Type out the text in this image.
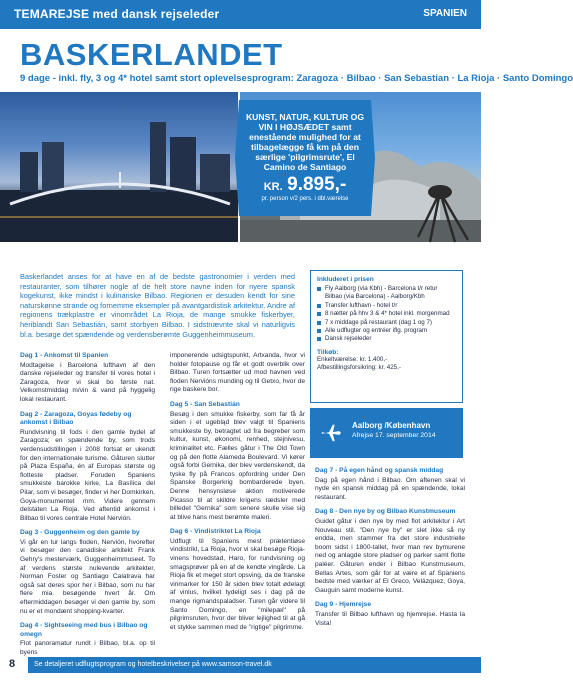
TEMAREJSE med dansk rejseleder	SPANIEN
BASKERLANDET
9 dage - inkl. fly, 3 og 4* hotel samt stort oplevelsesprogram: Zaragoza · Bilbao · San Sebastian · La Rioja · Santo Domingo
KUNST, NATUR, KULTUR OG VIN I HØJSÆDET samt enestående mulighed for at tilbagelægge få km på den særlige 'pilgrimsrute', El Camino de Santiago
KR. 9.895,-
pr. person v/2 pers. i dbl.værelse
Baskerlandet anses for at have en af de bedste gastronomier i verden med restauranter, som tilhører nogle af de helt store navne inden for nyere spansk kogekunst, ikke mindst i kulinariske Bilbao. Regionen er desuden kendt for sine naturskønne strande og fornemme eksempler på avantgardistisk arkitektur. Andre af regionens trækplastre er vinområdet La Rioja, de mange smukke fiskerbyer, heriblandt San Sebastián, samt storbyen Bilbao. I sidstnævnte skal vi naturligvis bl.a. besøge det spændende og verdensberømte Guggenheimmuseum.
Inkluderet i prisen
Fly Aalborg (via Kbh) - Barcelona t/r retur Bilbao (via Barcelona) - Aalborg/Kbh
Transfer lufthavn - hotel t/r
8 nætter på hhv 3 & 4* hotel inkl. morgenmad
7 x middage på restaurant (dag 1 og 7)
Alle udflugter og entréer iflg. program
Dansk rejseleder
Tilkøb:
Enkeltværelse: kr. 1.400,-
Afbestillingsforsikring: kr. 425,-
Aalborg /København
Afrejse 17. september 2014
Dag 1 - Ankomst til Spanien
Modtagelse i Barcelona lufthavn af den danske rejseleder og transfer til vores hotel i Zaragoza, hvor vi skal bo første nat. Velkomstmiddag m/vin & vand på hyggelig lokal restaurant.
Dag 2 - Zaragoza, Goyas fødeby og ankomst i Bilbao
Rundvisning til fods i den gamle bydel af Zaragoza; en spændende by, som trods verdensudstillingen i 2008 fortsat er ukendt for den internationale turisme. Gåturen slutter på Plaza España, én af Europas største og flotteste pladser. Foruden Spaniens smukkeste barokke kirke, La Basílica del Pilar, som vi besøger, finder vi her Domkirken, Goya-monumentet mm. Videre gennem delstaten La Rioja. Ved aftentid ankomst i Bilbao til vores centrale Hotel Nervión.
Dag 3 - Guggenheim og den gamle by
Vi går en tur langs floden, Nervión, hvorefter vi besøger den canadiske arkitekt Frank Gehry's mesterværk, Guggenheimmuseet. To af verdens største nulevende arkitekter, Norman Foster og Santiago Calatrava har også sat deres spor her i Bilbao, som nu har flere mia. besøgende hvert år. Om eftermiddagen besøger vi den gamle by, som nu er et mondænt shopping-kvarter.
Dag 4 - Sightseeing med bus i Bilbao og omegn
Flot panoramatur rundt i Bilbao, bl.a. op til byens
imponerende udsigtspunkt, Artxanda, hvor vi holder fotopause og får et godt overblik over Bilbao. Turen fortsætter ud mod havnen ved floden Nervións munding og til Getxo, hvor de rige baskere bor.
Dag 5 - San Sebastián
Besøg i den smukke fiskerby, som far få år siden i et ugebląd blev valgt til Spaniens smukkeste by, betragtet ud fra begreber som kultur, kunst, økonomi, renhed, stejnivesu, kriminalitet etc. Fælles gåtur i The Old Town og på den flotte Alameda Boulevard. Vi kører også forbi Gernika, der blev verdenskendt, da tyske fly på Francos opfordring under Den Spanske Borgerkrig bombarderede byen. Denne hensynsløse aktion motiverede Picasso til at skildre krigens rædsler med billedet "Gernika" som senere skulle vise sig at blive hans mest berømte maleri.
Dag 6 - Vindistriktet La Rioja
Udflugt til Spaniens mest prætentiøse vindistrikt, La Rioja, hvor vi skal besøge Rioja-vinens hovedstad, Haro, for rundvisning og smagsprøver på en af de kendte vingårde. La Rioja fik et meget stort opsving, da de franske vinmarker for 150 år siden blev totalt ødelagt af vinlus, hvilket tydeligt ses i dag på de mange rigmandspaladser. Turen går videre til Santo Domingo, en "milepæl" på pilgrimsruten, hvor der bliver lejlighed til at gå et stykke sammen med de "rigtige" pilgrimme.
Dag 7 - På egen hånd og spansk middag
Dag på egen hånd i Bilbao. Om aftenen skal vi nyde en spansk middag på en spændende, lokal restaurant.
Dag 8 - Den nye by og Bilbao Kunstmuseum
Guidet gåtur i den nye by med flot arkitektur i Art Nouveau stil. "Den nye by" er slet ikke så ny endda, men stammer fra det store industrielle boom sidst i 1800-tallet, hvor man rev bymurene ned og anlagde store pladser og parker samt flotte paléer. Gåturen ender i Bilbao Kunstmuseum, Bellas Artes, som går for at være et af Spaniens bedste med værker af El Greco, Velázquez, Goya, Gauguin samt moderne kunst.
Dag 9 - Hjemrejse
Transfer til Bilbao lufthavn og hjemrejse. Hasta la Vista!
8	Se detaljeret udflugtsprogram og hotelbeskrivelser på www.samson-travel.dk
